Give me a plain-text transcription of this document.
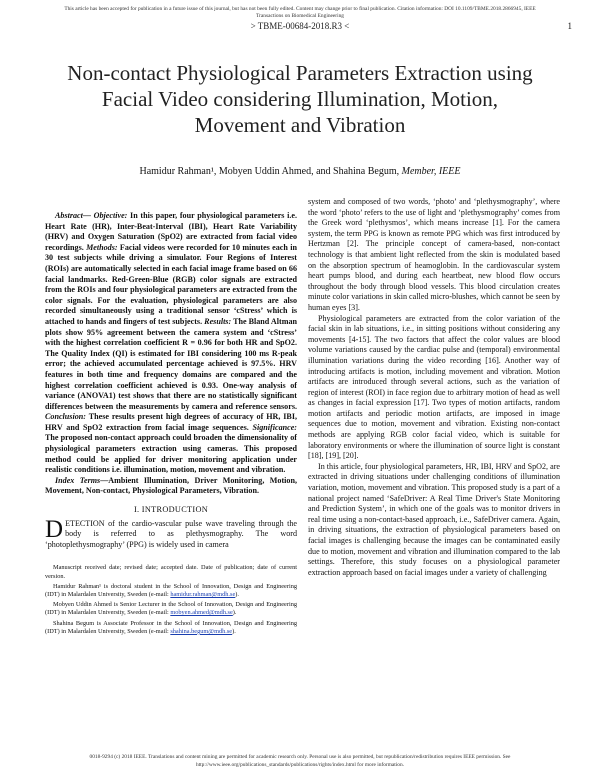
This article has been accepted for publication in a future issue of this journal, but has not been fully edited. Content may change prior to final publication. Citation information: DOI 10.1109/TBME.2018.2866945, IEEE
Transactions on Biomedical Engineering
> TBME-00684-2018.R3 <	1
Non-contact Physiological Parameters Extraction using Facial Video considering Illumination, Motion, Movement and Vibration
Hamidur Rahman¹, Mobyen Uddin Ahmed, and Shahina Begum, Member, IEEE

Abstract— Objective: In this paper, four physiological parameters i.e. Heart Rate (HR), Inter-Beat-Interval (IBI), Heart Rate Variability (HRV) and Oxygen Saturation (SpO2) are extracted from facial video recordings. Methods: Facial videos were recorded for 10 minutes each in 30 test subjects while driving a simulator. Four Regions of Interest (ROIs) are automatically selected in each facial image frame based on 66 facial landmarks. Red-Green-Blue (RGB) color signals are extracted from the ROIs and four physiological parameters are extracted from the color signals. For the evaluation, physiological parameters are also recorded simultaneously using a traditional sensor ‘cStress’ which is attached to hands and fingers of test subjects. Results: The Bland Altman plots show 95% agreement between the camera system and ‘cStress’ with the highest correlation coefficient R = 0.96 for both HR and SpO2. The Quality Index (QI) is estimated for IBI considering 100 ms R-peak error; the achieved accumulated percentage achieved is 97.5%. HRV features in both time and frequency domains are compared and the highest correlation coefficient achieved is 0.93. One-way analysis of variance (ANOVA1) test shows that there are no statistically significant differences between the measurements by camera and reference sensors. Conclusion: These results present high degrees of accuracy of HR, IBI, HRV and SpO2 extraction from facial image sequences. Significance: The proposed non-contact approach could broaden the dimensionality of physiological parameters extraction using cameras. This proposed method could be applied for driver monitoring application under realistic conditions i.e. illumination, motion, movement and vibration.

Index Terms—Ambient Illumination, Driver Monitoring, Motion, Movement, Non-contact, Physiological Parameters, Vibration.

I. INTRODUCTION

DETECTION of the cardio-vascular pulse wave traveling through the body is referred to as plethysmography. The word ‘photoplethysmography’ (PPG) is widely used in camera

Manuscript received date; revised date; accepted date. Date of publication; date of current version.

Hamidur Rahman¹ is doctoral student in the School of Innovation, Design and Engineering (IDT) in Malardalen University, Sweden (e-mail: hamidur.rahman@mdh.se).

Mobyen Uddin Ahmed is Senior Lecturer in the School of Innovation, Design and Engineering (IDT) in Malardalen University, Sweden (e-mail: mobyen.ahmed@mdh.se).

Shahina Begum is Associate Professor in the School of Innovation, Design and Engineering (IDT) in Malardalen University, Sweden (e-mail: shahina.begum@mdh.se).

system and composed of two words, ‘photo’ and ‘plethysmography’, where the word ‘photo’ refers to the use of light and ‘plethysmography’ comes from the Greek word ‘plethysmos’, which means increase [1]. For the camera system, the term PPG is known as remote PPG which was first introduced by Hertzman [2]. The principle concept of camera-based, non-contact technology is that ambient light reflected from the skin is modulated based on the absorption spectrum of heamoglobin. In the cardiovascular system heart pumps blood, and during each heartbeat, new blood flow occurs throughout the body through blood vessels. This blood circulation creates minute color variations in skin called micro-blushes, which cannot be seen by human eyes [3].

Physiological parameters are extracted from the color variation of the facial skin in lab situations, i.e., in sitting positions without considering any movements [4-15]. The two factors that affect the color values are blood volume variations caused by the cardiac pulse and (temporal) environmental illumination variations during the video recording [16]. Another way of introducing artifacts is motion, including movement and vibration. Motion artifacts are introduced through several actions, such as the variation of region of interest (ROI) in face region due to arbitrary motion of head as well as changes in facial expression [17]. Two types of motion artifacts, random motion artifacts and periodic motion artifacts, are imposed in image sequences due to motion, movement and vibration. Existing non-contact methods are applying RGB color facial video, which is suitable for laboratory environments or where the illumination of source light is constant [18], [19], [20].

In this article, four physiological parameters, HR, IBI, HRV and SpO2, are extracted in driving situations under challenging conditions of illumination variation, motion, movement and vibration. This proposed study is a part of a national project named ‘SafeDriver: A Real Time Driver's State Monitoring and Prediction System’, in which one of the goals was to monitor drivers in real time using a non-contact-based approach, i.e., SafeDriver camera. Again, in driving situations, the extraction of physiological parameters based on facial images is challenging because the images can be contaminated easily due to motion, movement and vibration and illumination compared to the lab settings. Therefore, this study focuses on a physiological parameter extraction approach based on facial images under a variety of challenging

0018-9294 (c) 2018 IEEE. Translations and content mining are permitted for academic research only. Personal use is also permitted, but republication/redistribution requires IEEE permission. See
http://www.ieee.org/publications_standards/publications/rights/index.html for more information.
